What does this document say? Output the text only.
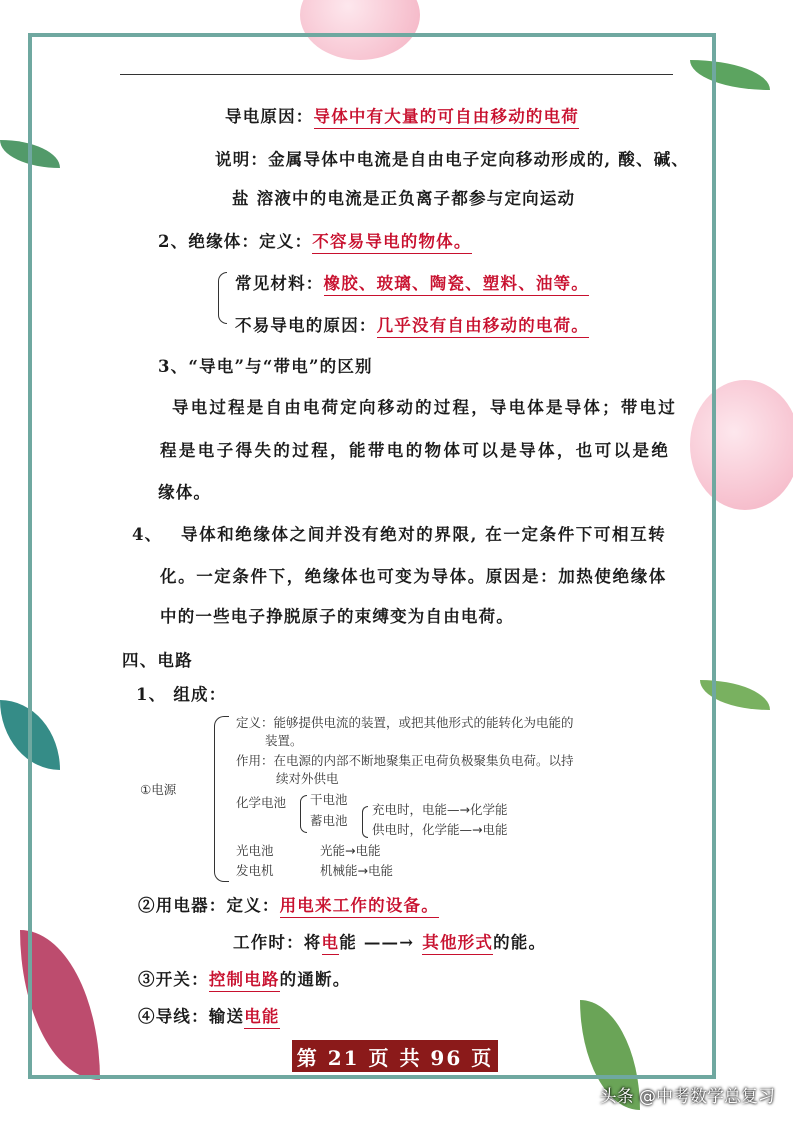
导电原因：导体中有大量的可自由移动的电荷
说明：金属导体中电流是自由电子定向移动形成的, 酸、碱、
盐 溶液中的电流是正负离子都参与定向运动
2、绝缘体：定义：不容易导电的物体。
常见材料：橡胶、玻璃、陶瓷、塑料、油等。
不易导电的原因：几乎没有自由移动的电荷。
3、“导电”与“带电”的区别
导电过程是自由电荷定向移动的过程，导电体是导体；带电过
程是电子得失的过程，能带电的物体可以是导体，也可以是绝
缘体。
4、 导体和绝缘体之间并没有绝对的界限, 在一定条件下可相互转
化。一定条件下，绝缘体也可变为导体。原因是：加热使绝缘体
中的一些电子挣脱原子的束缚变为自由电荷。
四、电路
1、 组成：
①电源
定义：能够提供电流的装置，或把其他形式的能转化为电能的
装置。
作用：在电源的内部不断地聚集正电荷负极聚集负电荷。以持
续对外供电
化学电池 干电池
蓄电池
充电时，电能—→化学能
供电时，化学能—→电能
光电池	光能→电能
发电机	机械能→电能
②用电器：定义：用电来工作的设备。
工作时：将电能 ——→ 其他形式的能。
③开关：控制电路的通断。
④导线：输送电能
第 21 页 共 96 页
头条 @中考数学总复习
